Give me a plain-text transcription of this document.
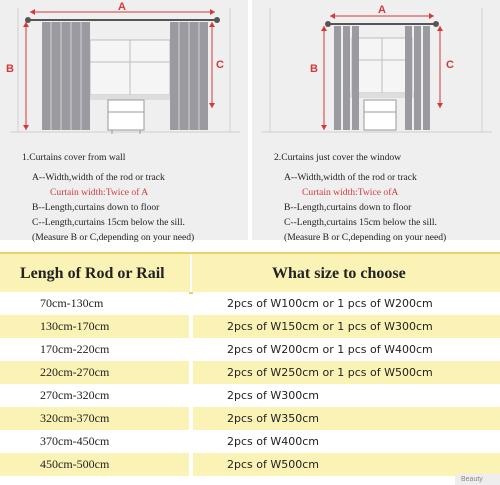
A
B	C
1.Curtains cover from wall
A--Width,width of the rod or track
Curtain width:Twice of A
B--Length,curtains down to floor
C--Length,curtains 15cm below the sill.
(Measure B or C,depending on your need)
A
B	C
2.Curtains just cover the window
A--Width,width of the rod or track
Curtain width:Twice ofA
B--Length,curtains down to floor
C--Length,curtains 15cm below the sill.
(Measure B or C,depending on your need)
Lengh of Rod or Rail	What size to choose
70cm-130cm	2pcs of W100cm or 1 pcs of W200cm
130cm-170cm	2pcs of W150cm or 1 pcs of W300cm
170cm-220cm	2pcs of W200cm or 1 pcs of W400cm
220cm-270cm	2pcs of W250cm or 1 pcs of W500cm
270cm-320cm	2pcs of W300cm
320cm-370cm	2pcs of W350cm
370cm-450cm	2pcs of W400cm
450cm-500cm	2pcs of W500cm
Beauty
